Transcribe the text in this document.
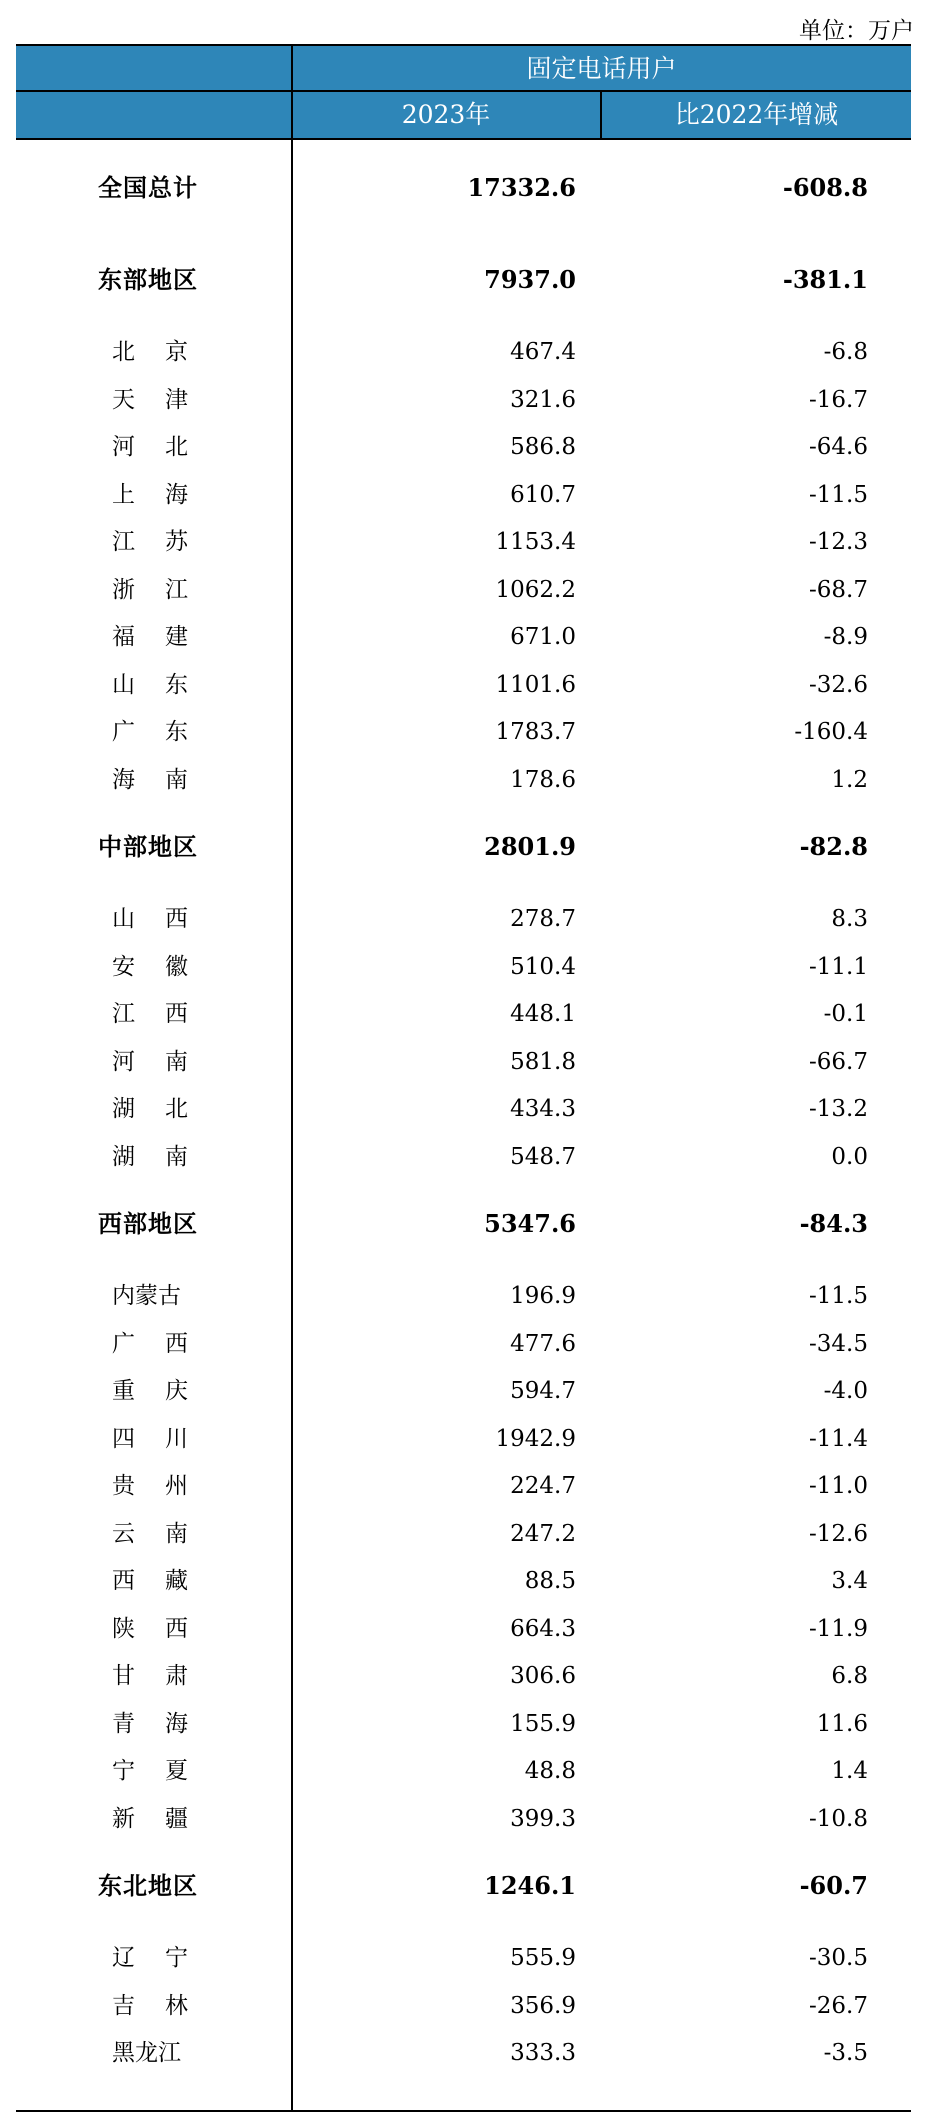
单位：万户
固定电话用户
2023年	比2022年增减
全国总计	17332.6	-608.8
东部地区	7937.0	-381.1
北京	467.4	-6.8
天津	321.6	-16.7
河北	586.8	-64.6
上海	610.7	-11.5
江苏	1153.4	-12.3
浙江	1062.2	-68.7
福建	671.0	-8.9
山东	1101.6	-32.6
广东	1783.7	-160.4
海南	178.6	1.2
中部地区	2801.9	-82.8
山西	278.7	8.3
安徽	510.4	-11.1
江西	448.1	-0.1
河南	581.8	-66.7
湖北	434.3	-13.2
湖南	548.7	0.0
西部地区	5347.6	-84.3
内蒙古	196.9	-11.5
广西	477.6	-34.5
重庆	594.7	-4.0
四川	1942.9	-11.4
贵州	224.7	-11.0
云南	247.2	-12.6
西藏	88.5	3.4
陕西	664.3	-11.9
甘肃	306.6	6.8
青海	155.9	11.6
宁夏	48.8	1.4
新疆	399.3	-10.8
东北地区	1246.1	-60.7
辽宁	555.9	-30.5
吉林	356.9	-26.7
黑龙江	333.3	-3.5
